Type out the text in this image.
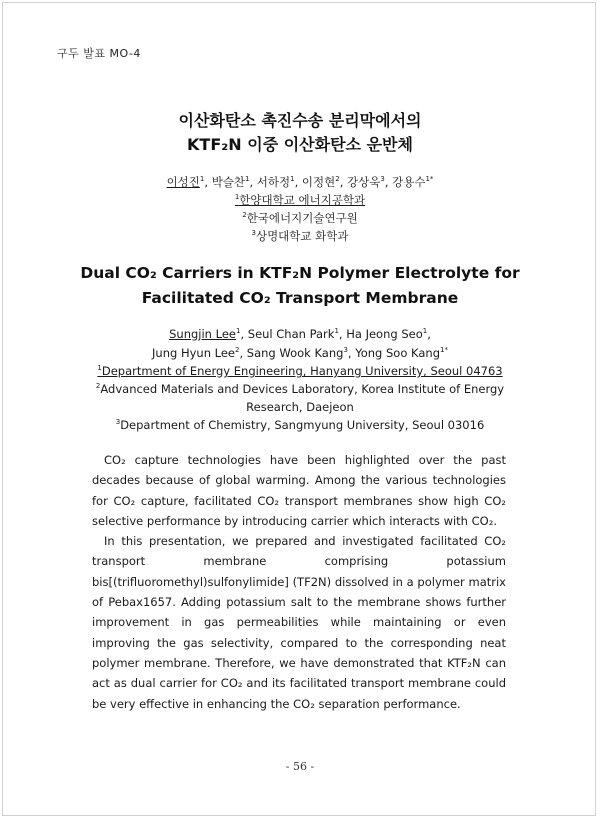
구두 발표 MO-4
이산화탄소 촉진수송 분리막에서의
KTF₂N 이중 이산화탄소 운반체
이성진$^1$, 박슬찬$^1$, 서하정$^1$, 이정현$^2$, 강상욱$^3$, 강용수$^{1*}$
$^1$한양대학교 에너지공학과
$^2$한국에너지기술연구원
$^3$상명대학교 화학과
Dual CO₂ Carriers in KTF₂N Polymer Electrolyte for
Facilitated CO₂ Transport Membrane
Sungjin Lee$^1$, Seul Chan Park$^1$, Ha Jeong Seo$^1$,
Jung Hyun Lee$^2$, Sang Wook Kang$^3$, Yong Soo Kang$^{1*}$
$^1$Department of Energy Engineering, Hanyang University, Seoul 04763
$^2$Advanced Materials and Devices Laboratory, Korea Institute of Energy
Research, Daejeon
$^3$Department of Chemistry, Sangmyung University, Seoul 03016

CO₂ capture technologies have been highlighted over the past decades because of global warming. Among the various technologies for CO₂ capture, facilitated CO₂ transport membranes show high CO₂ selective performance by introducing carrier which interacts with CO₂.

In this presentation, we prepared and investigated facilitated CO₂ transport membrane comprising potassium bis[(trifluoromethyl)sulfonylimide] (TF2N) dissolved in a polymer matrix of Pebax1657. Adding potassium salt to the membrane shows further improvement in gas permeabilities while maintaining or even improving the gas selectivity, compared to the corresponding neat polymer membrane. Therefore, we have demonstrated that KTF₂N can act as dual carrier for CO₂ and its facilitated transport membrane could be very effective in enhancing the CO₂ separation performance.

- 56 -
